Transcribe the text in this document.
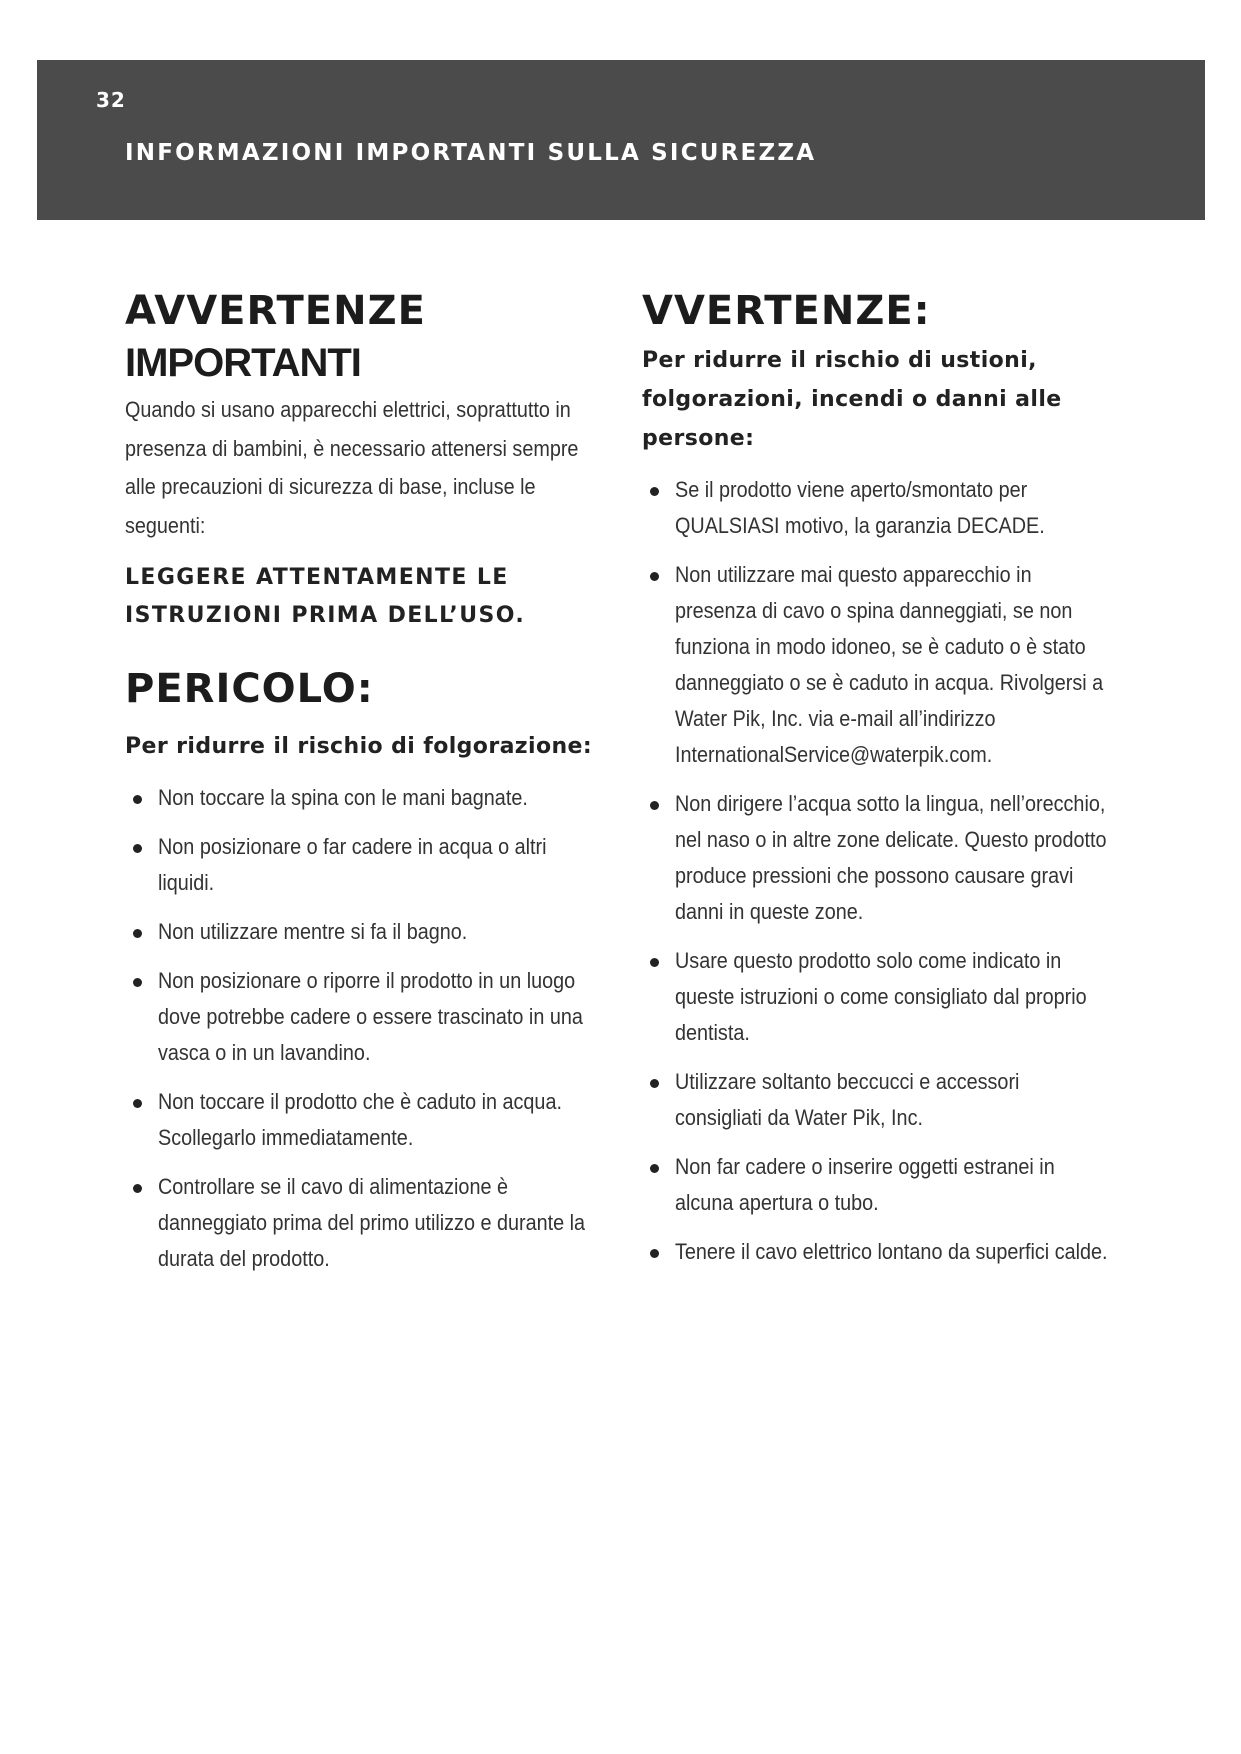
32
INFORMAZIONI IMPORTANTI SULLA SICUREZZA
AVVERTENZE
IMPORTANTI

Quando si usano apparecchi elettrici, soprattutto in presenza di bambini, è necessario attenersi sempre alle precauzioni di sicurezza di base, incluse le seguenti:

LEGGERE ATTENTAMENTE LE ISTRUZIONI PRIMA DELL’USO.

PERICOLO:

Per ridurre il rischio di folgorazione:

Non toccare la spina con le mani bagnate.
Non posizionare o far cadere in acqua o altri liquidi.
Non utilizzare mentre si fa il bagno.
Non posizionare o riporre il prodotto in un luogo dove potrebbe cadere o essere trascinato in una vasca o in un lavandino.
Non toccare il prodotto che è caduto in acqua. Scollegarlo immediatamente.
Controllare se il cavo di alimentazione è danneggiato prima del primo utilizzo e durante la durata del prodotto.
VVERTENZE:

Per ridurre il rischio di ustioni, folgorazioni, incendi o danni alle persone:

Se il prodotto viene aperto/smontato per QUALSIASI motivo, la garanzia DECADE.
Non utilizzare mai questo apparecchio in presenza di cavo o spina danneggiati, se non funziona in modo idoneo, se è caduto o è stato danneggiato o se è caduto in acqua. Rivolgersi a Water Pik, Inc. via e-mail all’indirizzo InternationalService@waterpik.com.
Non dirigere l’acqua sotto la lingua, nell’orecchio, nel naso o in altre zone delicate. Questo prodotto produce pressioni che possono causare gravi danni in queste zone.
Usare questo prodotto solo come indicato in queste istruzioni o come consigliato dal proprio dentista.
Utilizzare soltanto beccucci e accessori consigliati da Water Pik, Inc.
Non far cadere o inserire oggetti estranei in alcuna apertura o tubo.
Tenere il cavo elettrico lontano da superfici calde.
